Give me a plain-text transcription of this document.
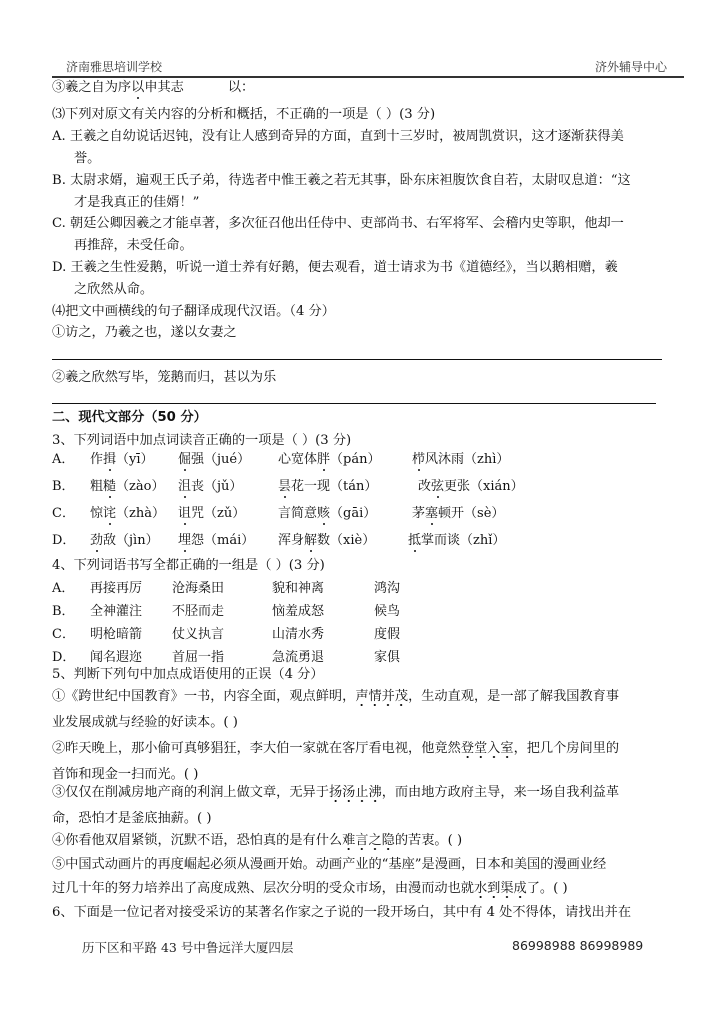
济南雅思培训学校	济外辅导中心
③羲之自为序以申其志	以：
⑶下列对原文有关内容的分析和概括，不正确的一项是（ ）(3 分)
A. 王羲之自幼说话迟钝，没有让人感到奇异的方面，直到十三岁时，被周凯赏识，这才逐渐获得美
誉。
B. 太尉求婿，遍观王氏子弟，待选者中惟王羲之若无其事，卧东床袒腹饮食自若，太尉叹息道：“这
才是我真正的佳婿！”
C. 朝廷公卿因羲之才能卓著，多次征召他出任侍中、吏部尚书、右军将军、会稽内史等职，他却一
再推辞，未受任命。
D. 王羲之生性爱鹅，听说一道士养有好鹅，便去观看，道士请求为书《道德经》，当以鹅相赠，羲
之欣然从命。
⑷把文中画横线的句子翻译成现代汉语。（4 分）
①访之，乃羲之也，遂以女妻之
②羲之欣然写毕，笼鹅而归，甚以为乐
二、现代文部分（50 分）
3、下列词语中加点词读音正确的一项是（ ）(3 分)
A． 作揖（yī） 倔强（jué） 心宽体胖（pán） 栉风沐雨（zhì）
B． 粗糙（zào） 沮丧（jǔ）	昙花一现（tán）	改弦更张（xián）
C． 惊诧（zhà） 诅咒（zǔ）	言简意赅（gāi）	茅塞顿开（sè）
D． 劲敌（jìn） 埋怨（mái） 浑身解数（xiè）	抵掌而谈（zhǐ）
4、下列词语书写全都正确的一组是（ ）(3 分)
A． 再接再厉 沧海桑田	貌和神离	鸿沟
B． 全神灌注 不胫而走	恼羞成怒	候鸟
C． 明枪暗箭 仗义执言	山清水秀	度假
D． 闻名遐迩 首屈一指	急流勇退	家俱
5、判断下列句中加点成语使用的正误（4 分）
①《跨世纪中国教育》一书，内容全面，观点鲜明，声情并茂，生动直观，是一部了解我国教育事
业发展成就与经验的好读本。( )
②昨天晚上，那小偷可真够猖狂，李大伯一家就在客厅看电视，他竟然登堂入室，把几个房间里的
首饰和现金一扫而光。( )
③仅仅在削减房地产商的利润上做文章，无异于扬汤止沸，而由地方政府主导，来一场自我利益革
命，恐怕才是釜底抽薪。( )
④你看他双眉紧锁，沉默不语，恐怕真的是有什么难言之隐的苦衷。( )
⑤中国式动画片的再度崛起必须从漫画开始。动画产业的“基座”是漫画，日本和美国的漫画业经
过几十年的努力培养出了高度成熟、层次分明的受众市场，由漫而动也就水到渠成了。( )
6、下面是一位记者对接受采访的某著名作家之子说的一段开场白，其中有 4 处不得体，请找出并在
历下区和平路 43 号中鲁远洋大厦四层	86998988 86998989
